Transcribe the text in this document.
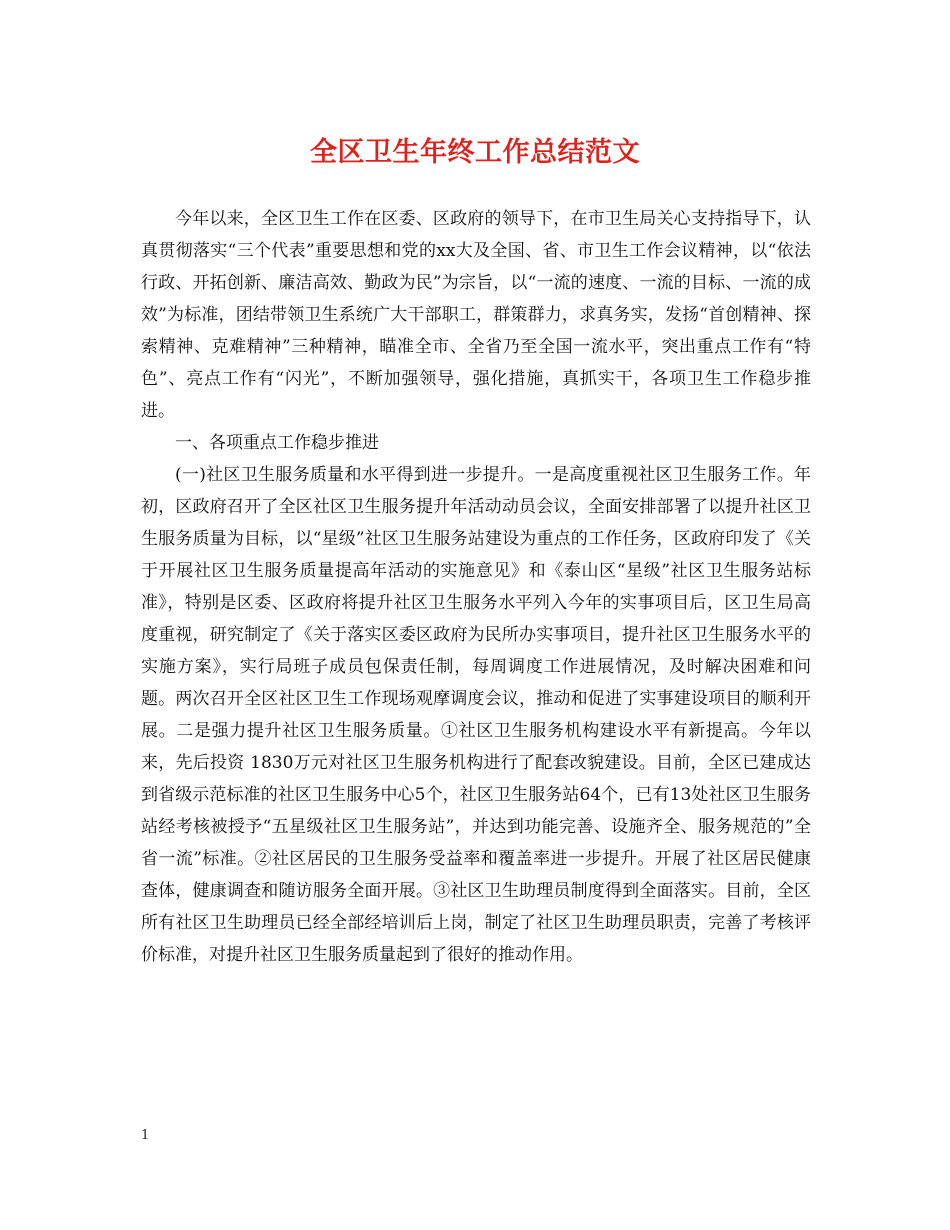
全区卫生年终工作总结范文

今年以来，全区卫生工作在区委、区政府的领导下，在市卫生局关心支持指导下，认真贯彻落实“三个代表”重要思想和党的xx大及全国、省、市卫生工作会议精神，以“依法行政、开拓创新、廉洁高效、勤政为民”为宗旨，以“一流的速度、一流的目标、一流的成效”为标准，团结带领卫生系统广大干部职工，群策群力，求真务实，发扬“首创精神、探索精神、克难精神”三种精神，瞄准全市、全省乃至全国一流水平，突出重点工作有“特色”、亮点工作有“闪光”，不断加强领导，强化措施，真抓实干，各项卫生工作稳步推进。

一、各项重点工作稳步推进

(一)社区卫生服务质量和水平得到进一步提升。一是高度重视社区卫生服务工作。年初，区政府召开了全区社区卫生服务提升年活动动员会议，全面安排部署了以提升社区卫生服务质量为目标，以“星级”社区卫生服务站建设为重点的工作任务，区政府印发了《关于开展社区卫生服务质量提高年活动的实施意见》和《泰山区“星级”社区卫生服务站标准》，特别是区委、区政府将提升社区卫生服务水平列入今年的实事项目后，区卫生局高度重视，研究制定了《关于落实区委区政府为民所办实事项目，提升社区卫生服务水平的实施方案》，实行局班子成员包保责任制，每周调度工作进展情况，及时解决困难和问题。两次召开全区社区卫生工作现场观摩调度会议，推动和促进了实事建设项目的顺利开展。二是强力提升社区卫生服务质量。①社区卫生服务机构建设水平有新提高。今年以来，先后投资 1830万元对社区卫生服务机构进行了配套改貌建设。目前，全区已建成达到省级示范标准的社区卫生服务中心5个，社区卫生服务站64个，已有13处社区卫生服务站经考核被授予“五星级社区卫生服务站”，并达到功能完善、设施齐全、服务规范的”全省一流”标准。②社区居民的卫生服务受益率和覆盖率进一步提升。开展了社区居民健康查体，健康调查和随访服务全面开展。③社区卫生助理员制度得到全面落实。目前，全区所有社区卫生助理员已经全部经培训后上岗，制定了社区卫生助理员职责，完善了考核评价标准，对提升社区卫生服务质量起到了很好的推动作用。

1
